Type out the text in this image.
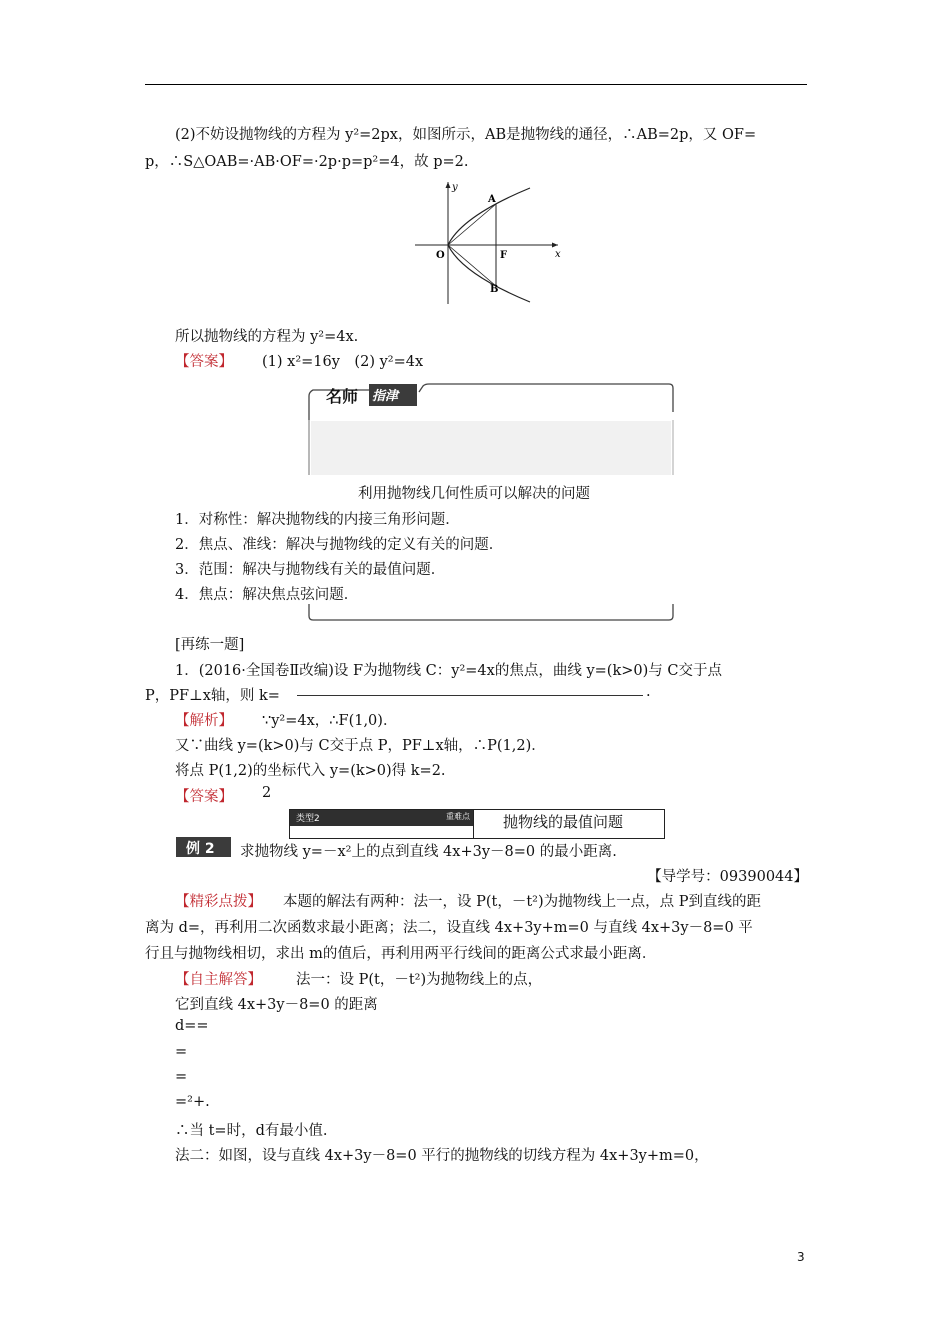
(2)不妨设抛物线的方程为 y²=2px，如图所示，AB是抛物线的通径，∴AB=2p，又 OF=
p，∴S△OAB=·AB·OF=·2p·p=p²=4，故 p=2.
y
x
O
A
F
B
所以抛物线的方程为 y²=4x.
【答案】 (1) x²=16y　(2) y²=4x
名师 指津
利用抛物线几何性质可以解决的问题
1．对称性：解决抛物线的内接三角形问题．
2．焦点、准线：解决与抛物线的定义有关的问题．
3．范围：解决与抛物线有关的最值问题．
4．焦点：解决焦点弦问题．
[再练一题]
1．(2016·全国卷Ⅱ改编)设 F为抛物线 C：y²=4x的焦点，曲线 y=(k>0)与 C交于点
P，PF⊥x轴，则 k=	.
【解析】 ∵y²=4x，∴F(1,0)．
又∵曲线 y=(k>0)与 C交于点 P，PF⊥x轴，∴P(1,2)．
将点 P(1,2)的坐标代入 y=(k>0)得 k=2.
【答案】 2
类型2	重难点 抛物线的最值问题
例 2 求抛物线 y=－x²上的点到直线 4x+3y－8=0 的最小距离.
【导学号：09390044】
【精彩点拨】 本题的解法有两种：法一，设 P(t，－t²)为抛物线上一点，点 P到直线的距
离为 d=，再利用二次函数求最小距离；法二，设直线 4x+3y+m=0 与直线 4x+3y－8=0 平
行且与抛物线相切，求出 m的值后，再利用两平行线间的距离公式求最小距离．
【自主解答】 法一：设 P(t，－t²)为抛物线上的点，
它到直线 4x+3y－8=0 的距离
d==
=
=
=²+.
∴当 t=时，d有最小值.
法二：如图，设与直线 4x+3y－8=0 平行的抛物线的切线方程为 4x+3y+m=0，
3
